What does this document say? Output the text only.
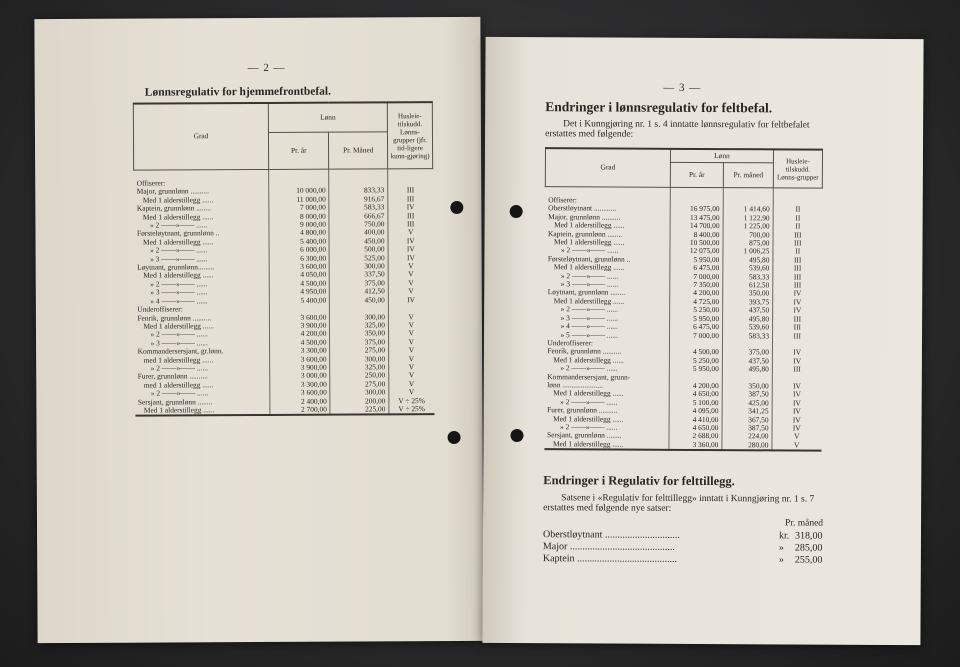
— 2 —
Lønnsregulativ for hjemmefrontbefal.
Grad	Lønn		Husleie-tilskudd. Lønns-grupper (jfr. tid-ligere kunn-gjøring)
	Pr. år	Pr. Måned	
Offiserer:			
Major, grunnlønn ..........	10 000,00	833,33	III
Med 1 alderstillegg ......	11 000,00	916,67	III
Kaptein, grunnlønn ........	7 000,00	583,33	IV
Med 1 alderstillegg ......	8 000,00	666,67	III
» 2 ——»—— ......	9 000,00	750,00	III
Førsteløytnant, grunnlønn ..	4 800,00	400,00	V
Med 1 alderstillegg ......	5 400,00	450,00	IV
» 2 ——»—— ......	6 000,00	500,00	IV
» 3 ——»—— ......	6 300,00	525,00	IV
Løytnant, grunnlønn.........	3 600,00	300,00	V
Med 1 alderstillegg ......	4 050,00	337,50	V
» 2 ——»—— ......	4 500,00	375,00	V
» 3 ——»—— ......	4 950,00	412,50	V
» 4 ——»—— ......	5 400,00	450,00	IV
Underoffiserer:			
Fenrik, grunnlønn ..........	3 600,00	300,00	V
Med 1 alderstillegg ......	3 900,00	325,00	V
» 2 ——»—— ......	4 200,00	350,00	V
» 3 ——»—— ......	4 500,00	375,00	V
Kommandersersjant, gr.lønn.	3 300,00	275,00	V
med 1 alderstillegg ......	3 600,00	300,00	V
» 2 ——»—— ......	3 900,00	325,00	V
Furer, grunnlønn ..........	3 000,00	250,00	V
med 1 alderstillegg ......	3 300,00	275,00	V
» 2 ——»—— ......	3 600,00	300,00	V
Sersjant, grunnlønn ........	2 400,00	200,00	V ÷ 25%
Med 1 alderstillegg ......	2 700,00	225,00	V ÷ 25%
— 3 —
Endringer i lønnsregulativ for feltbefal.
Det i Kunngjøring nr. 1 s. 4 inntatte lønnsregulativ for feltbefalet erstattes med følgende:
Grad	Lønn		Husleie-tilskudd. Lønns-grupper
	Pr. år	Pr. måned	
Offiserer:			
Oberstløytnant ............	16 975,00	1 414,60	II
Major, grunnlønn ..........	13 475,00	1 122,90	II
Med 1 alderstillegg ......	14 700,00	1 225,00	II
Kaptein, grunnlønn ........	8 400,00	700,00	III
Med 1 alderstillegg ......	10 500,00	875,00	III
» 2 ——»—— ......	12 075,00	1 006,25	II
Førsteløytnant, grunnlønn ..	5 950,00	495,80	III
Med 1 alderstillegg ......	6 475,00	539,60	III
» 2 ——»—— ......	7 000,00	583,33	III
» 3 ——»—— ......	7 350,00	612,50	III
Løytnant, grunnlønn ........	4 200,00	350,00	IV
Med 1 alderstillegg ......	4 725,00	393,75	IV
» 2 ——»—— ......	5 250,00	437,50	IV
» 3 ——»—— ......	5 950,00	495,80	III
» 4 ——»—— ......	6 475,00	539,60	III
» 5 ——»—— ......	7 000,00	583,33	III
Underoffiserer:			
Fenrik, grunnlønn ..........	4 500,00	375,00	IV
Med 1 alderstillegg ......	5 250,00	437,50	IV
» 2 ——»—— ......	5 950,00	495,80	III
Kommandersersjant, grunn-			
lønn ......................	4 200,00	350,00	IV
Med 1 alderstillegg ......	4 650,00	387,50	IV
» 2 ——»—— ......	5 100,00	425,00	IV
Furer, grunnlønn ..........	4 095,00	341,25	IV
Med 1 alderstillegg ......	4 410,00	367,50	IV
» 2 ——»—— ......	4 650,00	387,50	IV
Sersjant, grunnlønn ........	2 688,00	224,00	V
Med 1 alderstillegg ......	3 360,00	280,00	V
Endringer i Regulativ for felttillegg.
Satsene i «Regulativ for felttillegg» inntatt i Kunngjøring nr. 1 s. 7 erstattes med følgende nye satser:
Pr. måned
Oberstløytnant ..............................	kr. 318,00
Major ..........................................	» 285,00
Kaptein ........................................	» 255,00
